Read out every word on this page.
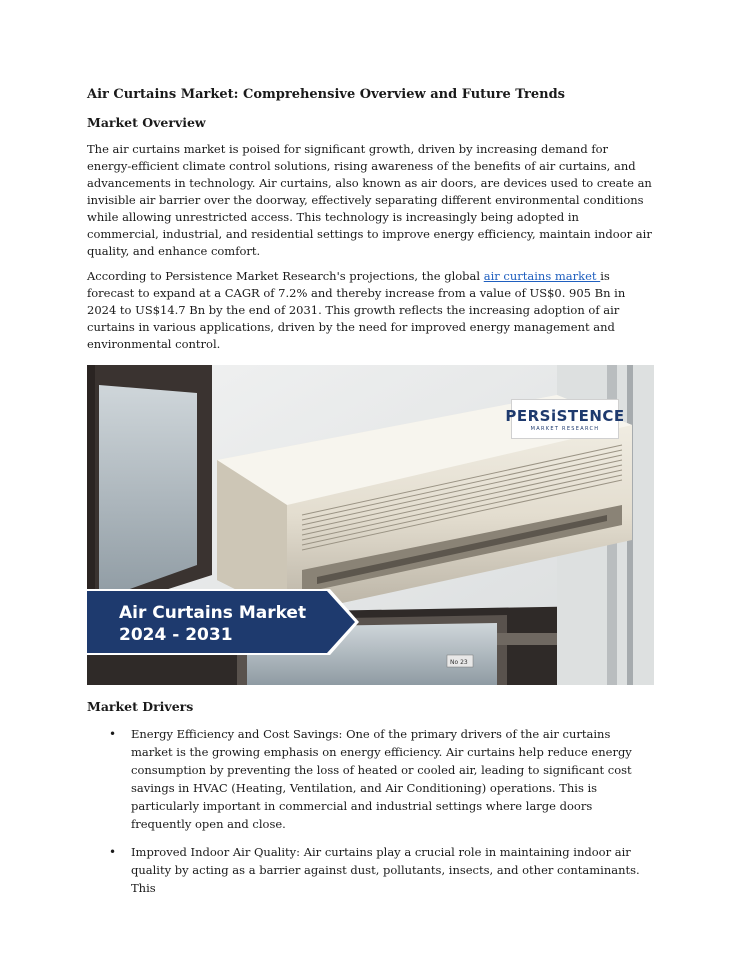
Air Curtains Market: Comprehensive Overview and Future Trends
Market Overview

The air curtains market is poised for significant growth, driven by increasing demand for energy-efficient climate control solutions, rising awareness of the benefits of air curtains, and advancements in technology. Air curtains, also known as air doors, are devices used to create an invisible air barrier over the doorway, effectively separating different environmental conditions while allowing unrestricted access. This technology is increasingly being adopted in commercial, industrial, and residential settings to improve energy efficiency, maintain indoor air quality, and enhance comfort.

According to Persistence Market Research's projections, the global air curtains market is forecast to expand at a CAGR of 7.2% and thereby increase from a value of US$0. 905 Bn in 2024 to US$14.7 Bn by the end of 2031. This growth reflects the increasing adoption of air curtains in various applications, driven by the need for improved energy management and environmental control.

No 23
Air Curtains Market
2024 - 2031
PERSiSTENCE
MARKET RESEARCH
Market Drivers
• Energy Efficiency and Cost Savings: One of the primary drivers of the air curtains market is the growing emphasis on energy efficiency. Air curtains help reduce energy consumption by preventing the loss of heated or cooled air, leading to significant cost savings in HVAC (Heating, Ventilation, and Air Conditioning) operations. This is particularly important in commercial and industrial settings where large doors frequently open and close.
• Improved Indoor Air Quality: Air curtains play a crucial role in maintaining indoor air quality by acting as a barrier against dust, pollutants, insects, and other contaminants. This
